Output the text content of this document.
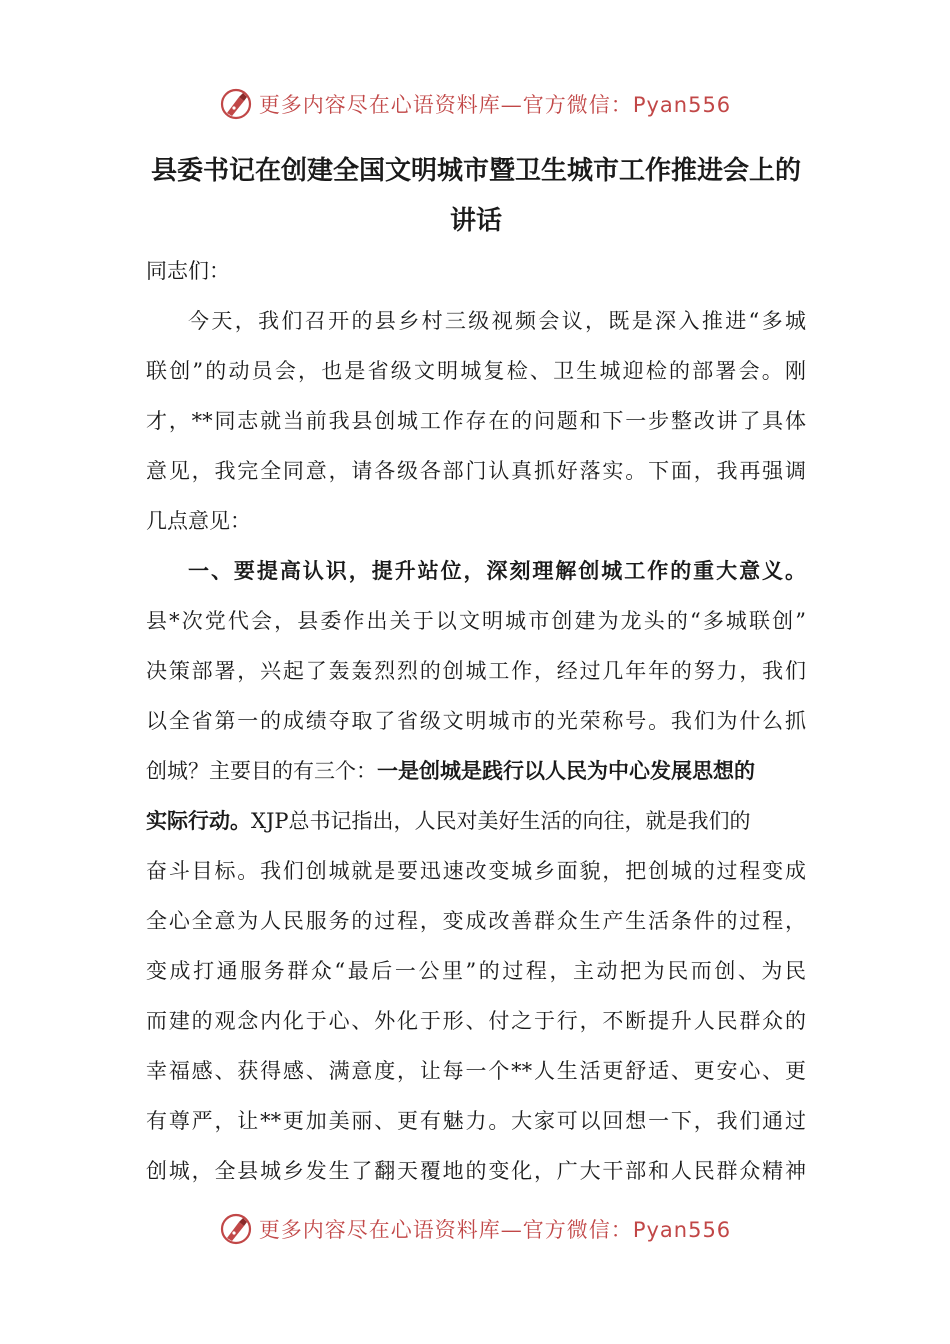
更多内容尽在心语资料库—官方微信：Pyan556
县委书记在创建全国文明城市暨卫生城市工作推进会上的
讲话
同志们：
今天，我们召开的县乡村三级视频会议，既是深入推进“多城
联创”的动员会，也是省级文明城复检、卫生城迎检的部署会。刚
才，**同志就当前我县创城工作存在的问题和下一步整改讲了具体
意见，我完全同意，请各级各部门认真抓好落实。下面，我再强调
几点意见：
一、要提高认识，提升站位，深刻理解创城工作的重大意义。
县*次党代会，县委作出关于以文明城市创建为龙头的“多城联创”
决策部署，兴起了轰轰烈烈的创城工作，经过几年年的努力，我们
以全省第一的成绩夺取了省级文明城市的光荣称号。我们为什么抓
创城？主要目的有三个：一是创城是践行以人民为中心发展思想的
实际行动。XJP总书记指出，人民对美好生活的向往，就是我们的
奋斗目标。我们创城就是要迅速改变城乡面貌，把创城的过程变成
全心全意为人民服务的过程，变成改善群众生产生活条件的过程，
变成打通服务群众“最后一公里”的过程，主动把为民而创、为民
而建的观念内化于心、外化于形、付之于行，不断提升人民群众的
幸福感、获得感、满意度，让每一个**人生活更舒适、更安心、更
有尊严，让**更加美丽、更有魅力。大家可以回想一下，我们通过
创城，全县城乡发生了翻天覆地的变化，广大干部和人民群众精神
更多内容尽在心语资料库—官方微信：Pyan556
